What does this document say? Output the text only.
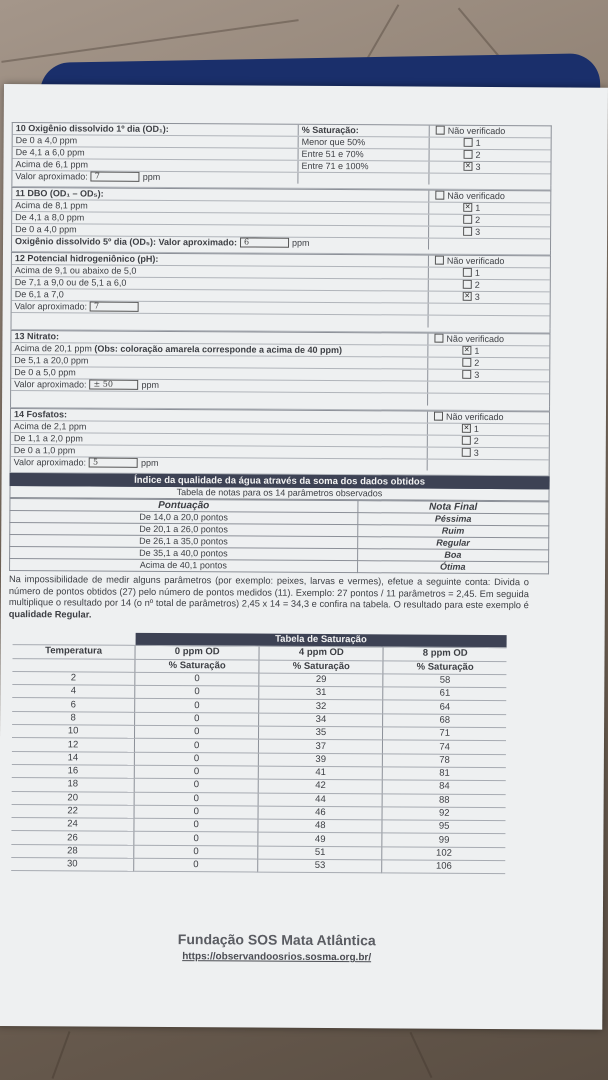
10 Oxigênio dissolvido 1º dia (OD₁):	% Saturação:	Não verificado
De 0 a 4,0 ppm	Menor que 50%	1
De 4,1 a 6,0 ppm	Entre 51 e 70%	2
Acima de 6,1 ppm	Entre 71 e 100% ✕	3
Valor aproximado: 7	ppm
11 DBO (OD₁ – OD₅):	Não verificado
Acima de 8,1 ppm ✕	1
De 4,1 a 8,0 ppm	2
De 0 a 4,0 ppm	3
Oxigênio dissolvido 5º dia (OD₅): Valor aproximado: 6	ppm
12 Potencial hidrogeniônico (pH):	Não verificado
Acima de 9,1 ou abaixo de 5,0	1
De 7,1 a 9,0 ou de 5,1 a 6,0	2
De 6,1 a 7,0 ✕	3
Valor aproximado: 7
13 Nitrato:	Não verificado
Acima de 20,1 ppm (Obs: coloração amarela corresponde a acima de 40 ppm) ✕	1
De 5,1 a 20,0 ppm	2
De 0 a 5,0 ppm	3
Valor aproximado: ± 50	ppm
14 Fosfatos:	Não verificado
Acima de 2,1 ppm ✕	1
De 1,1 a 2,0 ppm	2
De 0 a 1,0 ppm	3
Valor aproximado: 5	ppm
Índice da qualidade da água através da soma dos dados obtidos
Tabela de notas para os 14 parâmetros observados
Pontuação	Nota Final
De 14,0 a 20,0 pontos	Péssima
De 20,1 a 26,0 pontos	Ruim
De 26,1 a 35,0 pontos	Regular
De 35,1 a 40,0 pontos	Boa
Acima de 40,1 pontos	Ótima
Na impossibilidade de medir alguns parâmetros (por exemplo: peixes, larvas e vermes), efetue a seguinte conta: Divida o número de pontos obtidos (27) pelo número de pontos medidos (11). Exemplo: 27 pontos / 11 parâmetros = 2,45. Em seguida multiplique o resultado por 14 (o nº total de parâmetros) 2,45 x 14 = 34,3 e confira na tabela. O resultado para este exemplo é qualidade Regular.
	Tabela de Saturação		
Temperatura	0 ppm OD	4 ppm OD	8 ppm OD
	% Saturação	% Saturação	% Saturação
2	0	29	58
4	0	31	61
6	0	32	64
8	0	34	68
10	0	35	71
12	0	37	74
14	0	39	78
16	0	41	81
18	0	42	84
20	0	44	88
22	0	46	92
24	0	48	95
26	0	49	99
28	0	51	102
30	0	53	106
Fundação SOS Mata Atlântica
https://observandoosrios.sosma.org.br/
